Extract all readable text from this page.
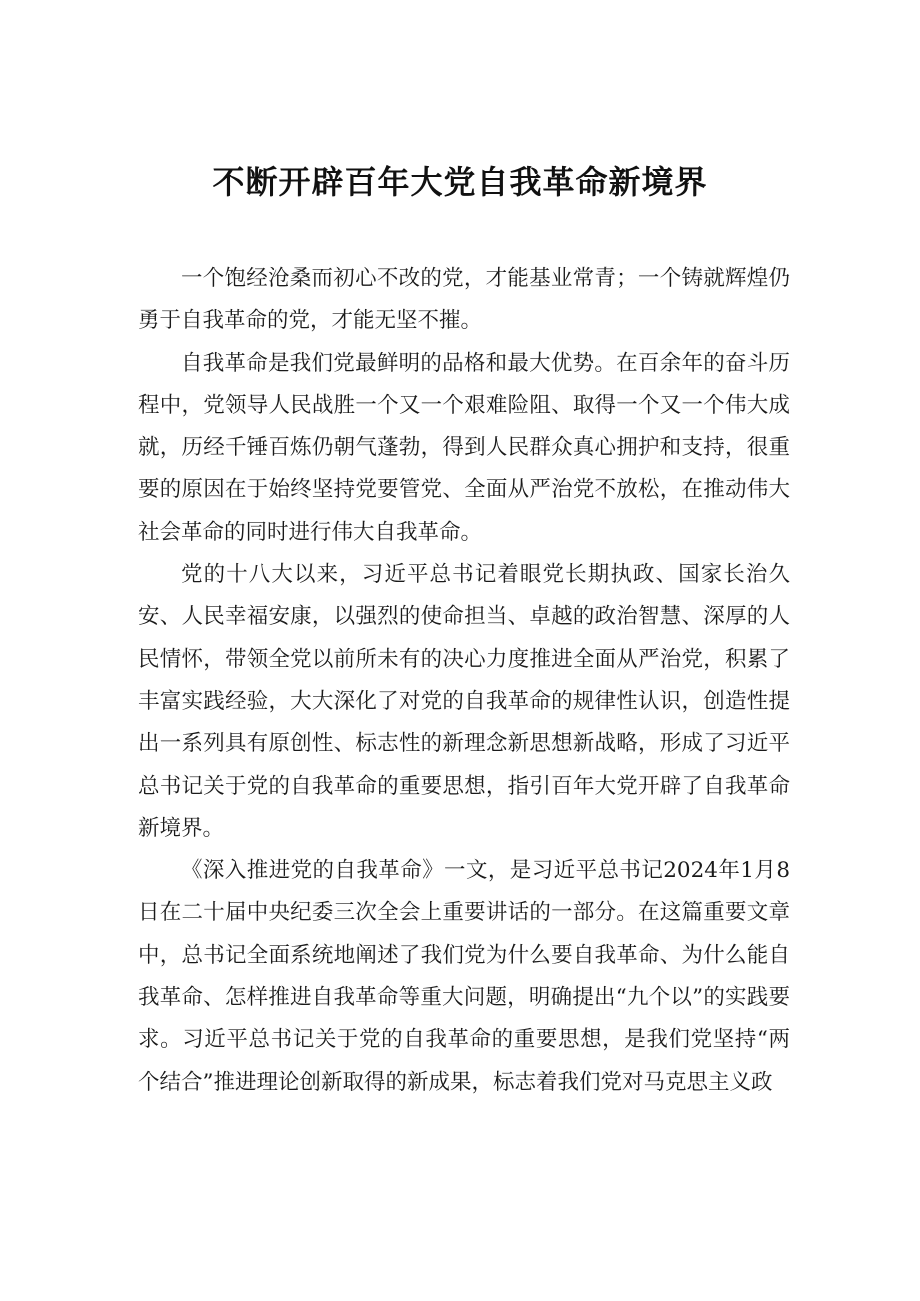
不断开辟百年大党自我革命新境界

一个饱经沧桑而初心不改的党，才能基业常青；一个铸就辉煌仍勇于自我革命的党，才能无坚不摧。

自我革命是我们党最鲜明的品格和最大优势。在百余年的奋斗历程中，党领导人民战胜一个又一个艰难险阻、取得一个又一个伟大成就，历经千锤百炼仍朝气蓬勃，得到人民群众真心拥护和支持，很重要的原因在于始终坚持党要管党、全面从严治党不放松，在推动伟大社会革命的同时进行伟大自我革命。

党的十八大以来，习近平总书记着眼党长期执政、国家长治久安、人民幸福安康，以强烈的使命担当、卓越的政治智慧、深厚的人民情怀，带领全党以前所未有的决心力度推进全面从严治党，积累了丰富实践经验，大大深化了对党的自我革命的规律性认识，创造性提出一系列具有原创性、标志性的新理念新思想新战略，形成了习近平总书记关于党的自我革命的重要思想，指引百年大党开辟了自我革命新境界。

《深入推进党的自我革命》一文，是习近平总书记2024年1月8日在二十届中央纪委三次全会上重要讲话的一部分。在这篇重要文章中，总书记全面系统地阐述了我们党为什么要自我革命、为什么能自我革命、怎样推进自我革命等重大问题，明确提出“九个以”的实践要求。习近平总书记关于党的自我革命的重要思想，是我们党坚持“两个结合”推进理论创新取得的新成果，标志着我们党对马克思主义政
